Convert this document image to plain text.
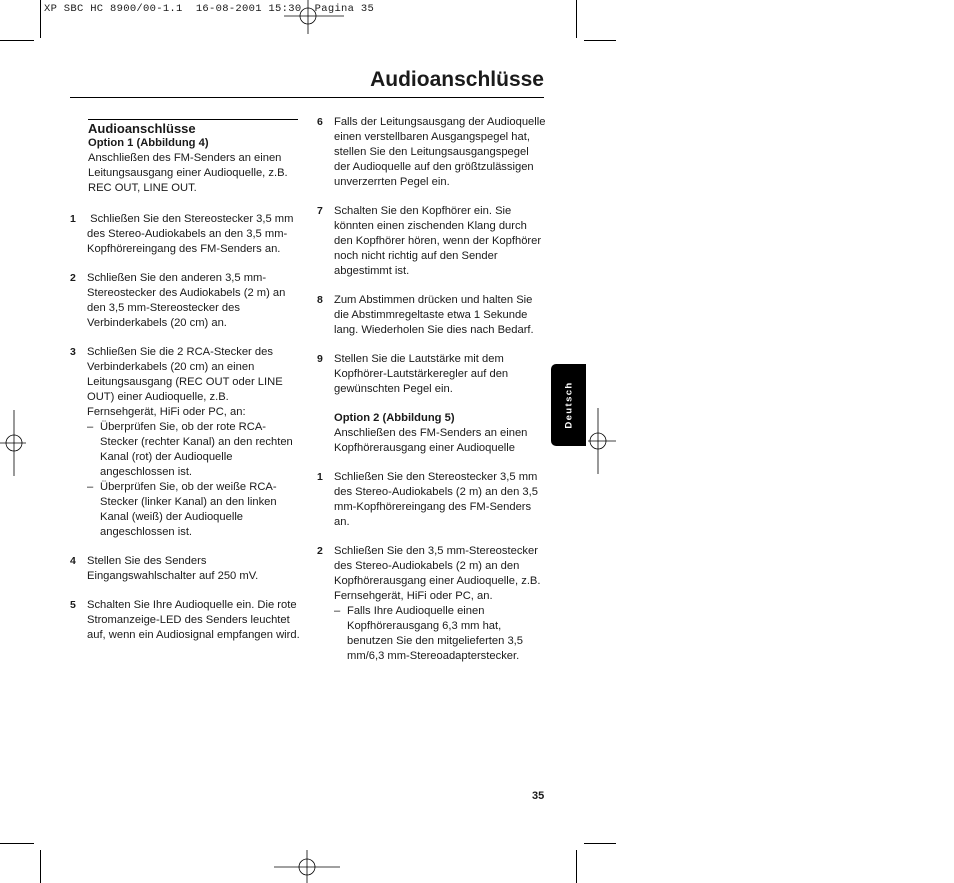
XP SBC HC 8900/00-1.1  16-08-2001 15:30  Pagina 35
Audioanschlüsse

Audioanschlüsse

Option 1 (Abbildung 4)

Anschließen des FM-Senders an einen Leitungsausgang einer Audioquelle, z.B. REC OUT, LINE OUT.

1 Schließen Sie den Stereostecker 3,5 mm des Stereo-Audiokabels an den 3,5 mm-Kopfhörereingang des FM-Senders an.

2 Schließen Sie den anderen 3,5 mm-Stereostecker des Audiokabels (2 m) an den 3,5 mm-Stereostecker des Verbinderkabels (20 cm) an.

3 Schließen Sie die 2 RCA-Stecker des Verbinderkabels (20 cm) an einen Leitungsausgang (REC OUT oder LINE OUT) einer Audioquelle, z.B. Fernsehgerät, HiFi oder PC, an:

– Überprüfen Sie, ob der rote RCA-Stecker (rechter Kanal) an den rechten Kanal (rot) der Audioquelle angeschlossen ist.

– Überprüfen Sie, ob der weiße RCA-Stecker (linker Kanal) an den linken Kanal (weiß) der Audioquelle angeschlossen ist.

4 Stellen Sie des Senders Eingangswahlschalter auf 250 mV.

5 Schalten Sie Ihre Audioquelle ein. Die rote Stromanzeige-LED des Senders leuchtet auf, wenn ein Audiosignal empfangen wird.

6 Falls der Leitungsausgang der Audioquelle einen verstellbaren Ausgangspegel hat, stellen Sie den Leitungsausgangspegel der Audioquelle auf den größtzulässigen unverzerrten Pegel ein.

7 Schalten Sie den Kopfhörer ein. Sie könnten einen zischenden Klang durch den Kopfhörer hören, wenn der Kopfhörer noch nicht richtig auf den Sender abgestimmt ist.

8 Zum Abstimmen drücken und halten Sie die Abstimmregeltaste etwa 1 Sekunde lang. Wiederholen Sie dies nach Bedarf.

9 Stellen Sie die Lautstärke mit dem Kopfhörer-Lautstärkeregler auf den gewünschten Pegel ein.

Option 2 (Abbildung 5)

Anschließen des FM-Senders an einen Kopfhörerausgang einer Audioquelle

1 Schließen Sie den Stereostecker 3,5 mm des Stereo-Audiokabels (2 m) an den 3,5 mm-Kopfhörereingang des FM-Senders an.

2 Schließen Sie den 3,5 mm-Stereostecker des Stereo-Audiokabels (2 m) an den Kopfhörerausgang einer Audioquelle, z.B. Fernsehgerät, HiFi oder PC, an.

– Falls Ihre Audioquelle einen Kopfhörerausgang 6,3 mm hat, benutzen Sie den mitgelieferten 3,5 mm/6,3 mm-Stereoadapterstecker.

Deutsch
35
